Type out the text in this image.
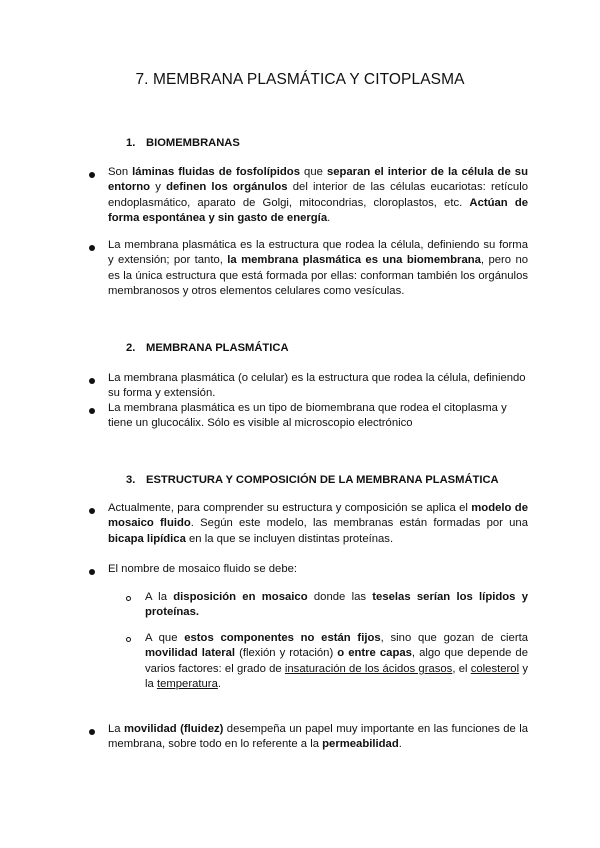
7. MEMBRANA PLASMÁTICA Y CITOPLASMA
1. BIOMEMBRANAS
Son láminas fluidas de fosfolípidos que separan el interior de la célula de su entorno y definen los orgánulos del interior de las células eucariotas: retículo endoplasmático, aparato de Golgi, mitocondrias, cloroplastos, etc. Actúan de forma espontánea y sin gasto de energía.
La membrana plasmática es la estructura que rodea la célula, definiendo su forma y extensión; por tanto, la membrana plasmática es una biomembrana, pero no es la única estructura que está formada por ellas: conforman también los orgánulos membranosos y otros elementos celulares como vesículas.
2. MEMBRANA PLASMÁTICA
La membrana plasmática (o celular) es la estructura que rodea la célula, definiendo su forma y extensión.
La membrana plasmática es un tipo de biomembrana que rodea el citoplasma y tiene un glucocálix. Sólo es visible al microscopio electrónico
3. ESTRUCTURA Y COMPOSICIÓN DE LA MEMBRANA PLASMÁTICA
Actualmente, para comprender su estructura y composición se aplica el modelo de mosaico fluido. Según este modelo, las membranas están formadas por una bicapa lipídica en la que se incluyen distintas proteínas.
El nombre de mosaico fluido se debe:
A la disposición en mosaico donde las teselas serían los lípidos y proteínas.
A que estos componentes no están fijos, sino que gozan de cierta movilidad lateral (flexión y rotación) o entre capas, algo que depende de varios factores: el grado de insaturación de los ácidos grasos, el colesterol y la temperatura.
La movilidad (fluidez) desempeña un papel muy importante en las funciones de la membrana, sobre todo en lo referente a la permeabilidad.
